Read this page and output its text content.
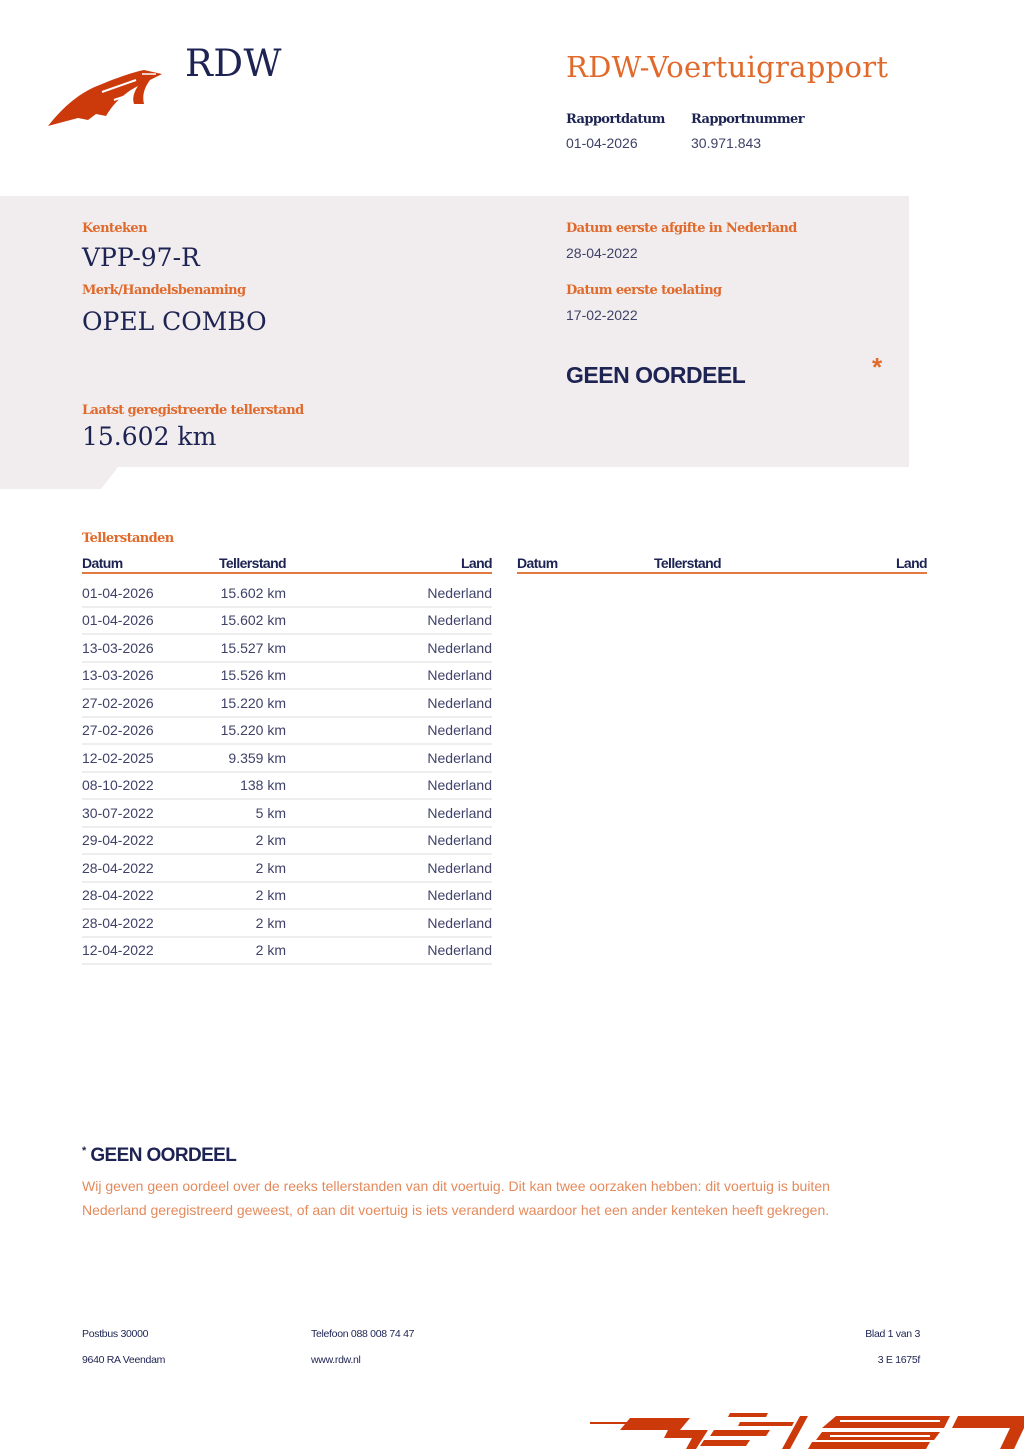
RDW	RDW-Voertuigrapport
Rapportdatum
01-04-2026
Rapportnummer
30.971.843
Kenteken
VPP-97-R
Merk/Handelsbenaming
OPEL COMBO
Datum eerste afgifte in Nederland
28-04-2022
Datum eerste toelating
17-02-2022
GEEN OORDEEL	*
Laatst geregistreerde tellerstand
15.602 km
Tellerstanden
Datum	Tellerstand	Land
01-04-2026	15.602 km	Nederland
01-04-2026	15.602 km	Nederland
13-03-2026	15.527 km	Nederland
13-03-2026	15.526 km	Nederland
27-02-2026	15.220 km	Nederland
27-02-2026	15.220 km	Nederland
12-02-2025	9.359 km	Nederland
08-10-2022	138 km	Nederland
30-07-2022	5 km	Nederland
29-04-2022	2 km	Nederland
28-04-2022	2 km	Nederland
28-04-2022	2 km	Nederland
28-04-2022	2 km	Nederland
12-04-2022	2 km	Nederland
Datum	Tellerstand	Land
* GEEN OORDEEL
Wij geven geen oordeel over de reeks tellerstanden van dit voertuig. Dit kan twee oorzaken hebben: dit voertuig is buiten Nederland geregistreerd geweest, of aan dit voertuig is iets veranderd waardoor het een ander kenteken heeft gekregen.
Postbus 30000
9640 RA Veendam
Telefoon 088 008 74 47
www.rdw.nl
Blad 1 van 3
3 E 1675f
